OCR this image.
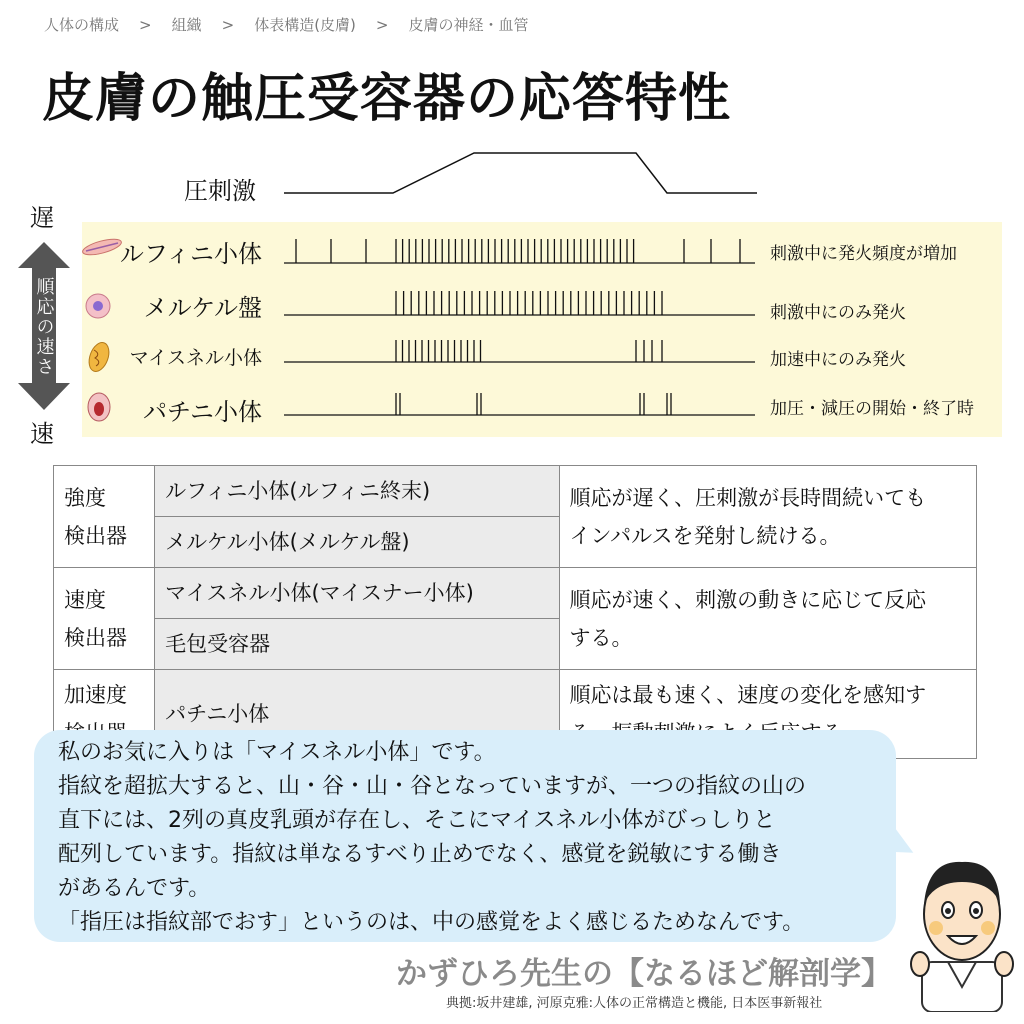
人体の構成 > 組織 > 体表構造(皮膚) > 皮膚の神経・血管
皮膚の触圧受容器の応答特性
圧刺激
遅
順応の速さ
速
ルフィニ小体
メルケル盤
マイスネル小体
パチニ小体
刺激中に発火頻度が増加
刺激中にのみ発火
加速中にのみ発火
加圧・減圧の開始・終了時
強度
検出器	ルフィニ小体(ルフィニ終末)	順応が遅く、圧刺激が長時間続いても
インパルスを発射し続ける。
	メルケル小体(メルケル盤)	
速度
検出器	マイスネル小体(マイスナー小体)	順応が速く、刺激の動きに応じて反応
する。
	毛包受容器	
加速度	パチニ小体	順応は最も速く、速度の変化を感知す

私のお気に入りは「マイスネル小体」です。
指紋を超拡大すると、山・谷・山・谷となっていますが、一つの指紋の山の
直下には、2列の真皮乳頭が存在し、そこにマイスネル小体がびっしりと
配列しています。指紋は単なるすべり止めでなく、感覚を鋭敏にする働き
があるんです。
「指圧は指紋部でおす」というのは、中の感覚をよく感じるためなんです。
かずひろ先生の【なるほど解剖学】
典拠:坂井建雄, 河原克雅:人体の正常構造と機能, 日本医事新報社
